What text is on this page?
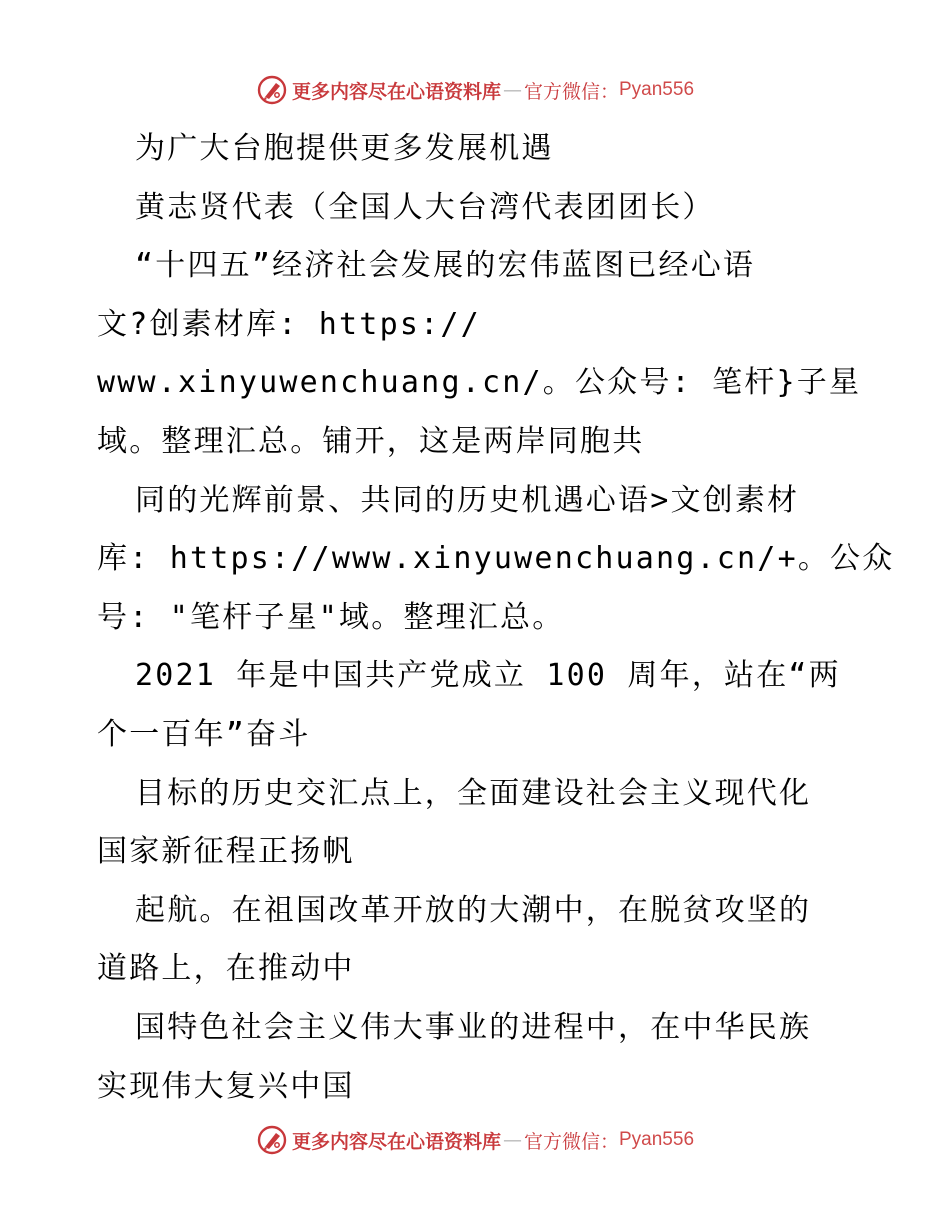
更多内容尽在心语资料库 — 官方微信： Pyan556
为广大台胞提供更多发展机遇
黄志贤代表（全国人大台湾代表团团长）
“十四五”经济社会发展的宏伟蓝图已经心语
文?创素材库: https://
www.xinyuwenchuang.cn/。公众号: 笔杆}子星
域。整理汇总。铺开，这是两岸同胞共
同的光辉前景、共同的历史机遇心语>文创素材
库: https://www.xinyuwenchuang.cn/+。公众
号: "笔杆子星"域。整理汇总。
2021 年是中国共产党成立 100 周年，站在“两
个一百年”奋斗
目标的历史交汇点上，全面建设社会主义现代化
国家新征程正扬帆
起航。在祖国改革开放的大潮中，在脱贫攻坚的
道路上，在推动中
国特色社会主义伟大事业的进程中，在中华民族
实现伟大复兴中国
更多内容尽在心语资料库 — 官方微信： Pyan556
